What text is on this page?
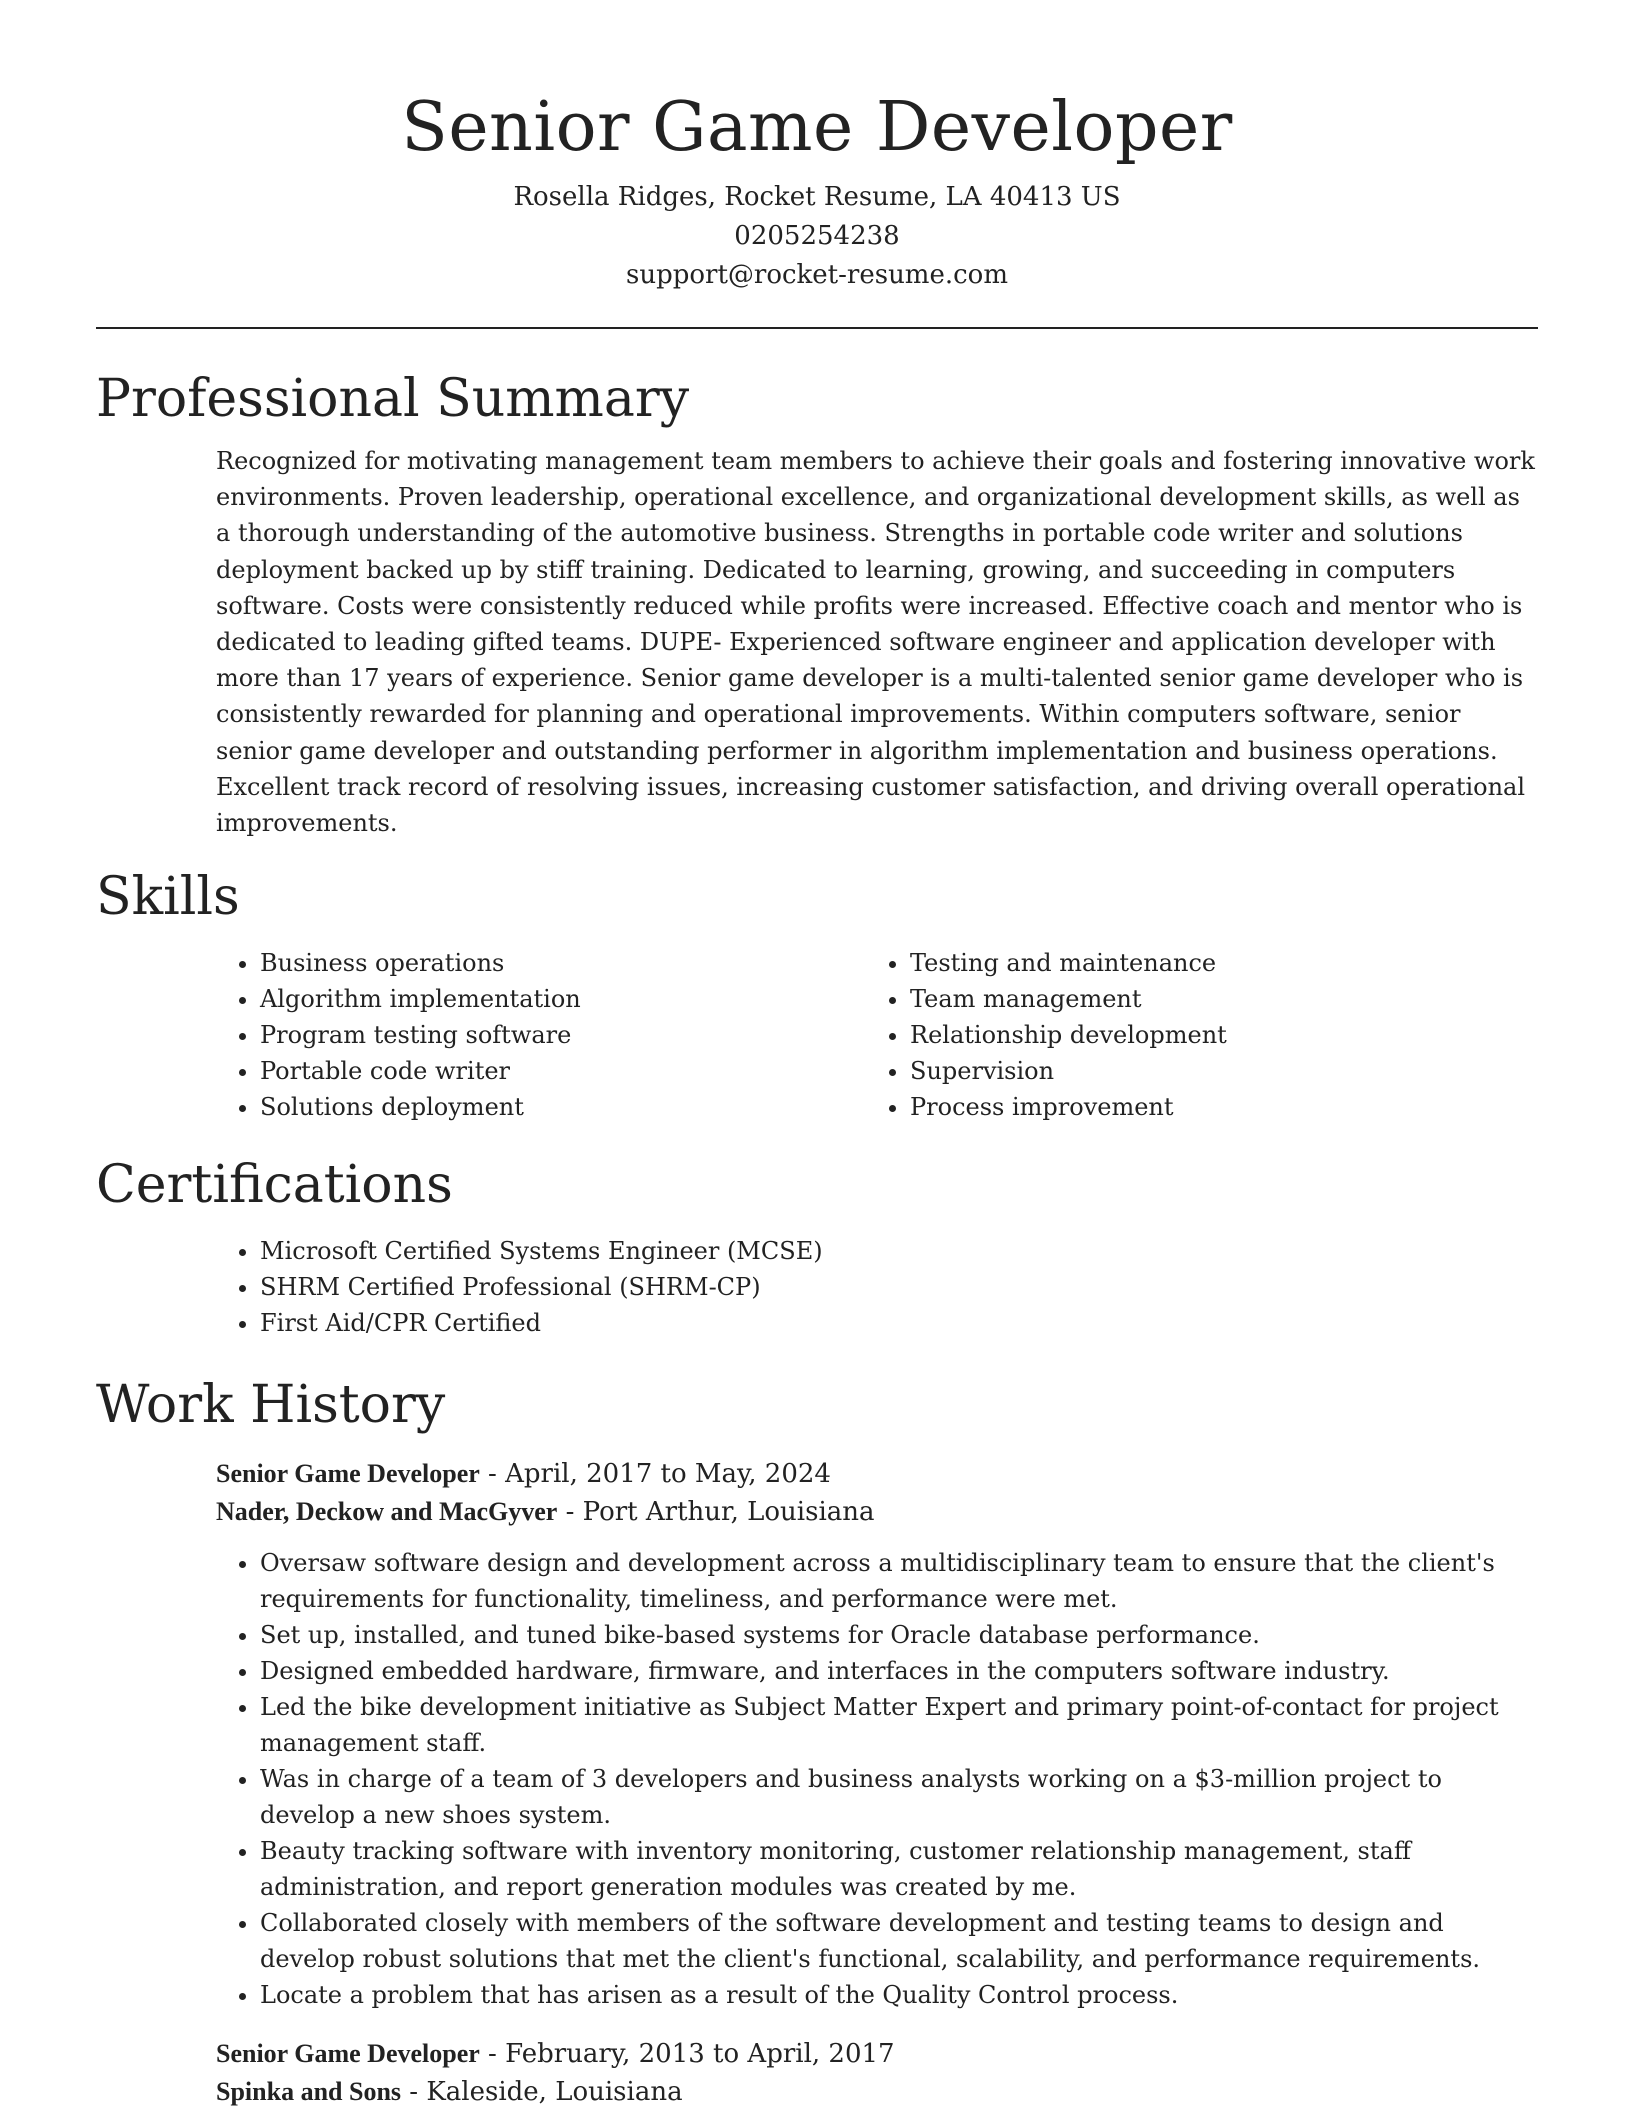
Senior Game Developer
Rosella Ridges, Rocket Resume, LA 40413 US
0205254238
support@rocket-resume.com
Professional Summary

Recognized for motivating management team members to achieve their goals and fostering innovative work environments. Proven leadership, operational excellence, and organizational development skills, as well as a thorough understanding of the automotive business. Strengths in portable code writer and solutions deployment backed up by stiff training. Dedicated to learning, growing, and succeeding in computers software. Costs were consistently reduced while profits were increased. Effective coach and mentor who is dedicated to leading gifted teams. DUPE- Experienced software engineer and application developer with more than 17 years of experience. Senior game developer is a multi-talented senior game developer who is consistently rewarded for planning and operational improvements. Within computers software, senior senior game developer and outstanding performer in algorithm implementation and business operations. Excellent track record of resolving issues, increasing customer satisfaction, and driving overall operational improvements.

Skills
• Business operations
• Algorithm implementation
• Program testing software
• Portable code writer
• Solutions deployment
• Testing and maintenance
• Team management
• Relationship development
• Supervision
• Process improvement
Certifications
• Microsoft Certified Systems Engineer (MCSE)
• SHRM Certified Professional (SHRM-CP)
• First Aid/CPR Certified
Work History
Senior Game Developer - April, 2017 to May, 2024
Nader, Deckow and MacGyver - Port Arthur, Louisiana
• Oversaw software design and development across a multidisciplinary team to ensure that the client's requirements for functionality, timeliness, and performance were met.
• Set up, installed, and tuned bike-based systems for Oracle database performance.
• Designed embedded hardware, firmware, and interfaces in the computers software industry.
• Led the bike development initiative as Subject Matter Expert and primary point-of-contact for project management staff.
• Was in charge of a team of 3 developers and business analysts working on a $3-million project to develop a new shoes system.
• Beauty tracking software with inventory monitoring, customer relationship management, staff administration, and report generation modules was created by me.
• Collaborated closely with members of the software development and testing teams to design and develop robust solutions that met the client's functional, scalability, and performance requirements.
• Locate a problem that has arisen as a result of the Quality Control process.
Senior Game Developer - February, 2013 to April, 2017
Spinka and Sons - Kaleside, Louisiana
